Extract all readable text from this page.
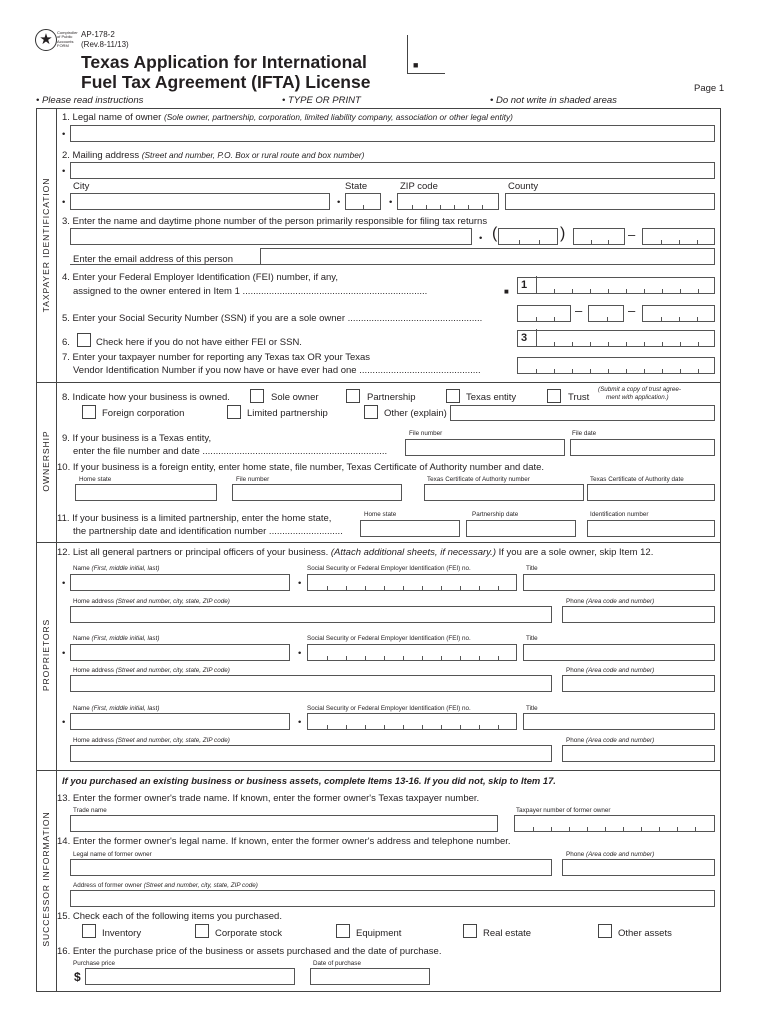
★	Comptroller of Public Accounts FORM
AP-178-2
(Rev.8-11/13)
Texas Application for International
Fuel Tax Agreement (IFTA) License
■
Page 1
• Please read instructions	• TYPE OR PRINT	• Do not write in shaded areas
TAXPAYER IDENTIFICATION
OWNERSHIP
PROPRIETORS
SUCCESSOR INFORMATION
1. Legal name of owner (Sole owner, partnership, corporation, limited liability company, association or other legal entity)
•
2. Mailing address (Street and number, P.O. Box or rural route and box number)
•
City	State	ZIP code	County
•	•	•
3. Enter the name and daytime phone number of the person primarily responsible for filing tax returns
• (	)	–
Enter the email address of this person
4. Enter your Federal Employer Identification (FEI) number, if any,
assigned to the owner entered in Item 1 ......................................................................	■
1
5. Enter your Social Security Number (SSN) if you are a sole owner ...................................................
–	–
6.	Check here if you do not have either FEI or SSN.	3
7. Enter your taxpayer number for reporting any Texas tax OR your Texas
Vendor Identification Number if you now have or have ever had one ..............................................
8. Indicate how your business is owned.	Sole owner	Partnership	Texas entity	Trust
(Submit a copy of trust agree-
ment with application.)
Foreign corporation	Limited partnership	Other (explain)
File number	File date
9. If your business is a Texas entity,
enter the file number and date ......................................................................
10. If your business is a foreign entity, enter home state, file number, Texas Certificate of Authority number and date.
Home state	File number	Texas Certificate of Authority number	Texas Certificate of Authority date
Home state	Partnership date	Identification number
11. If your business is a limited partnership, enter the home state,
the partnership date and identification number ............................
12. List all general partners or principal officers of your business. (Attach additional sheets, if necessary.) If you are a sole owner, skip Item 12.
Name (First, middle initial, last)	Social Security or Federal Employer Identification (FEI) no.	Title
•	•
Home address (Street and number, city, state, ZIP code)	Phone (Area code and number)
Name (First, middle initial, last)	Social Security or Federal Employer Identification (FEI) no.	Title
•	•
Home address (Street and number, city, state, ZIP code)	Phone (Area code and number)
Name (First, middle initial, last)	Social Security or Federal Employer Identification (FEI) no.	Title
•	•
Home address (Street and number, city, state, ZIP code)	Phone (Area code and number)
If you purchased an existing business or business assets, complete Items 13-16. If you did not, skip to Item 17.
13. Enter the former owner's trade name. If known, enter the former owner's Texas taxpayer number.
Trade name	Taxpayer number of former owner
14. Enter the former owner's legal name. If known, enter the former owner's address and telephone number.
Legal name of former owner	Phone (Area code and number)
Address of former owner (Street and number, city, state, ZIP code)
15. Check each of the following items you purchased.
Inventory	Corporate stock	Equipment	Real estate	Other assets
16. Enter the purchase price of the business or assets purchased and the date of purchase.
Purchase price	Date of purchase
$
